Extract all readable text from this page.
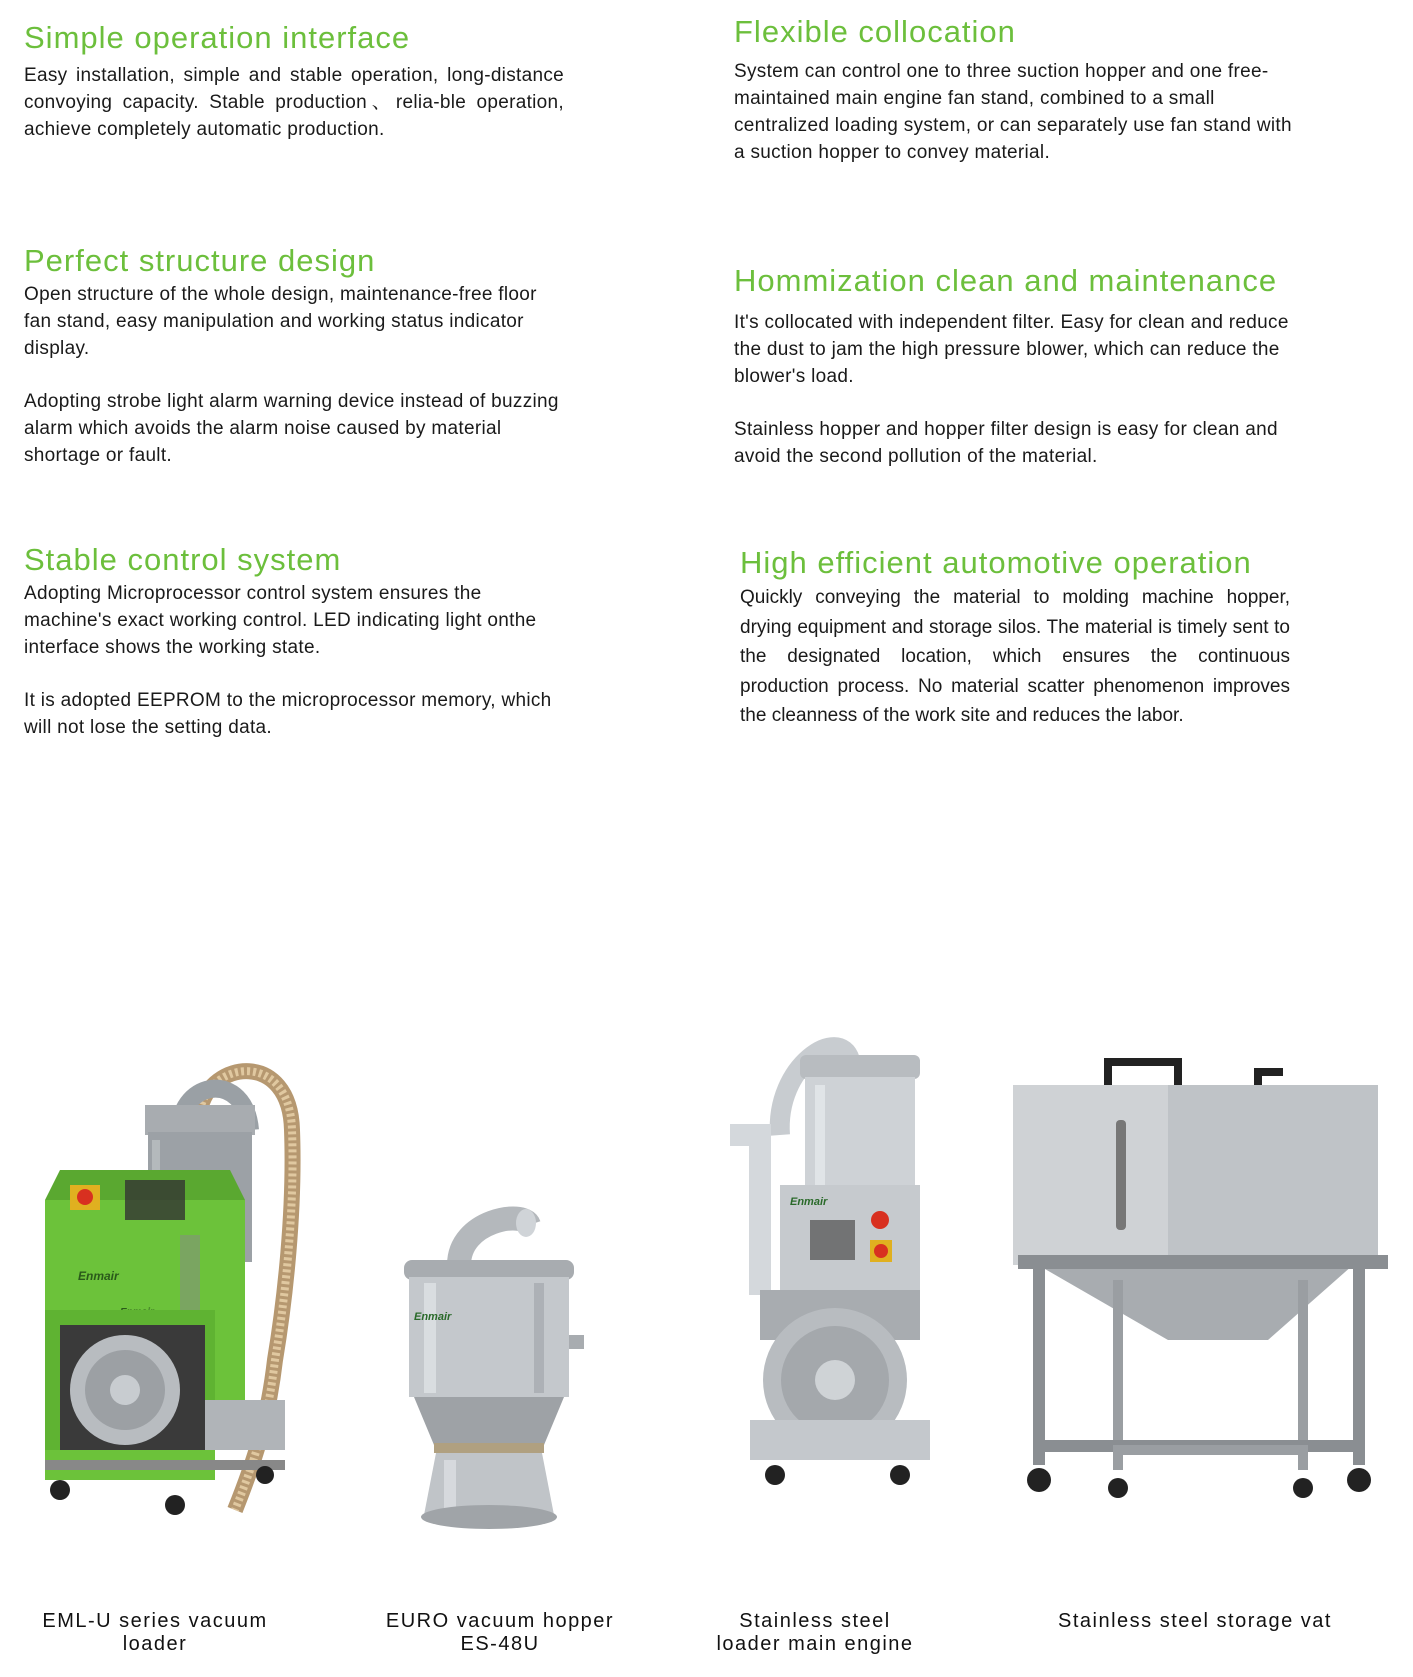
Simple operation interface

Easy installation, simple and stable operation, long-distance convoying capacity. Stable production、relia-ble operation, achieve completely automatic production.

Flexible collocation

System can control one to three suction hopper and one free-maintained main engine fan stand, combined to a small centralized loading system, or can separately use fan stand with a suction hopper to convey material.

Perfect structure design

Open structure of the whole design, maintenance-free floor fan stand, easy manipulation and working status indicator display.

Adopting strobe light alarm warning device instead of buzzing alarm which avoids the alarm noise caused by material shortage or fault.

Hommization clean and maintenance

It's collocated with independent filter. Easy for clean and reduce the dust to jam the high pressure blower, which can reduce the blower's load.

Stainless hopper and hopper filter design is easy for clean and avoid the second pollution of the material.

Stable control system

Adopting Microprocessor control system ensures the machine's exact working control. LED indicating light onthe interface shows the working state.

It is adopted EEPROM to the microprocessor memory, which will not lose the setting data.

High efficient automotive operation

Quickly conveying the material to molding machine hopper, drying equipment and storage silos. The material is timely sent to the designated location, which ensures the continuous production process. No material scatter phenomenon improves the cleanness of the work site and reduces the labor.

Enmair
Enmair
Enmair
EML-U series vacuum
loader
EURO vacuum hopper
ES-48U
Stainless steel
loader main engine
Stainless steel storage vat
